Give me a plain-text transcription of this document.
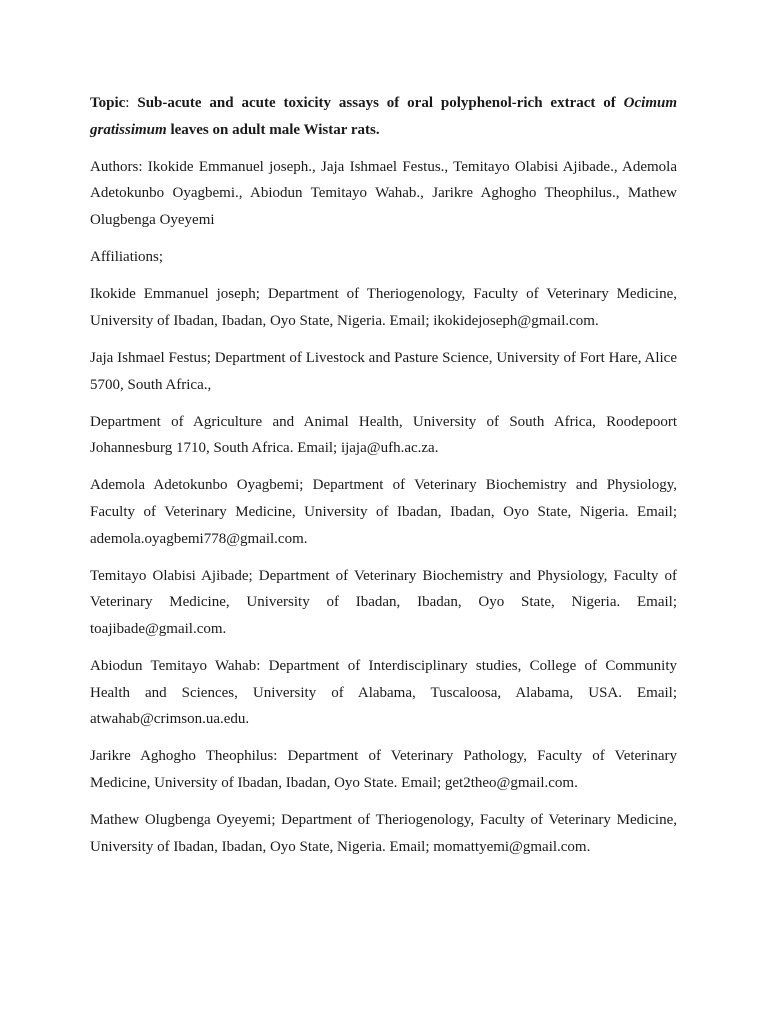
Topic: Sub-acute and acute toxicity assays of oral polyphenol-rich extract of Ocimum gratissimum leaves on adult male Wistar rats.

Authors: Ikokide Emmanuel joseph., Jaja Ishmael Festus., Temitayo Olabisi Ajibade., Ademola Adetokunbo Oyagbemi., Abiodun Temitayo Wahab., Jarikre Aghogho Theophilus., Mathew Olugbenga Oyeyemi

Affiliations;

Ikokide Emmanuel joseph; Department of Theriogenology, Faculty of Veterinary Medicine, University of Ibadan, Ibadan, Oyo State, Nigeria. Email; ikokidejoseph@gmail.com.

Jaja Ishmael Festus; Department of Livestock and Pasture Science, University of Fort Hare, Alice 5700, South Africa.,

Department of Agriculture and Animal Health, University of South Africa, Roodepoort Johannesburg 1710, South Africa. Email; ijaja@ufh.ac.za.

Ademola Adetokunbo Oyagbemi; Department of Veterinary Biochemistry and Physiology, Faculty of Veterinary Medicine, University of Ibadan, Ibadan, Oyo State, Nigeria. Email; ademola.oyagbemi778@gmail.com.

Temitayo Olabisi Ajibade; Department of Veterinary Biochemistry and Physiology, Faculty of Veterinary Medicine, University of Ibadan, Ibadan, Oyo State, Nigeria. Email; toajibade@gmail.com.

Abiodun Temitayo Wahab: Department of Interdisciplinary studies, College of Community Health and Sciences, University of Alabama, Tuscaloosa, Alabama, USA. Email; atwahab@crimson.ua.edu.

Jarikre Aghogho Theophilus: Department of Veterinary Pathology, Faculty of Veterinary Medicine, University of Ibadan, Ibadan, Oyo State. Email; get2theo@gmail.com.

Mathew Olugbenga Oyeyemi; Department of Theriogenology, Faculty of Veterinary Medicine, University of Ibadan, Ibadan, Oyo State, Nigeria. Email; momattyemi@gmail.com.
